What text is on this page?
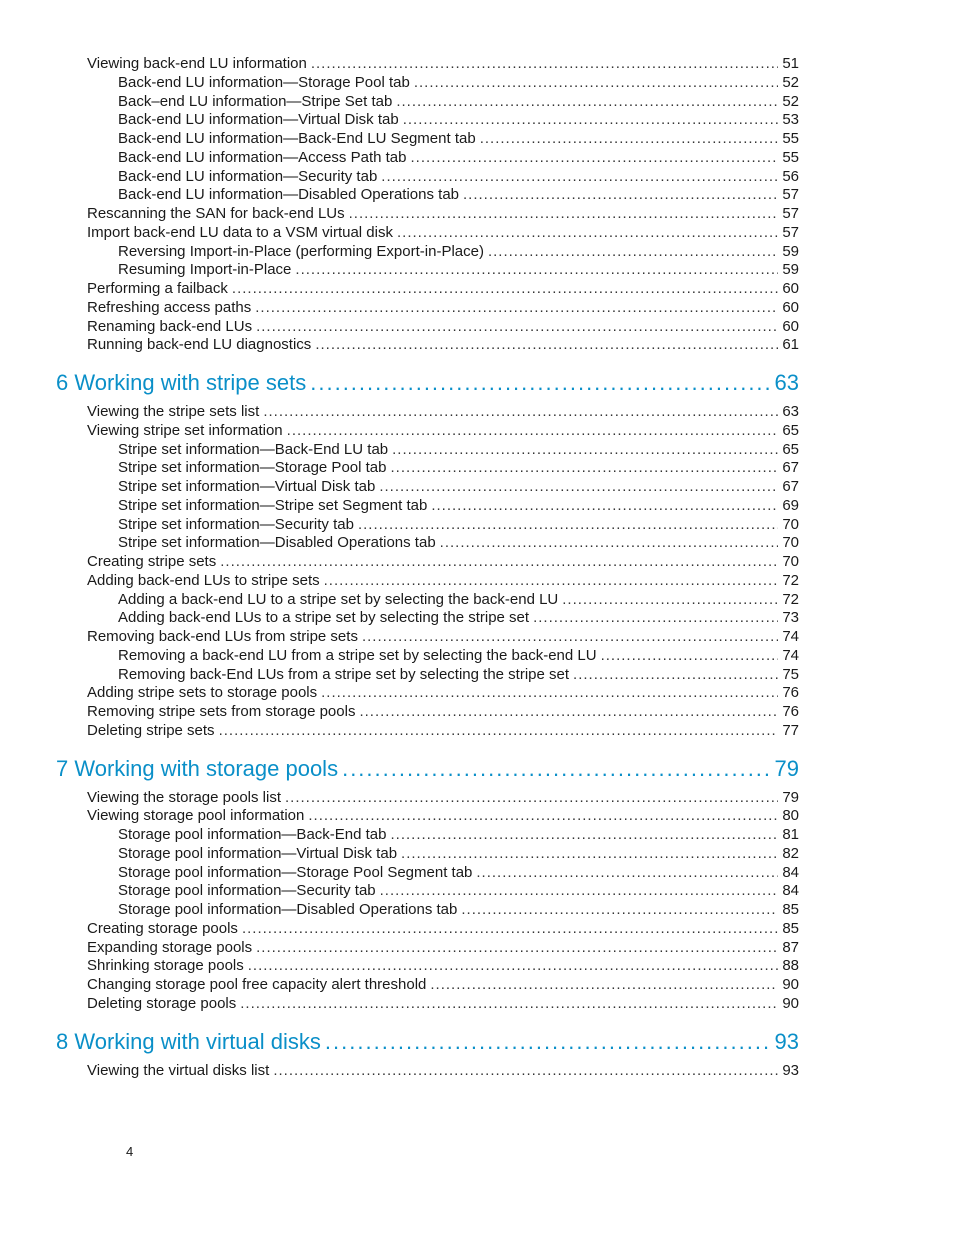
Viewing back-end LU information .....	51
Back-end LU information—Storage Pool tab .....	52
Back–end LU information—Stripe Set tab .....	52
Back-end LU information—Virtual Disk tab .....	53
Back-end LU information—Back-End LU Segment tab .....	55
Back-end LU information—Access Path tab .....	55
Back-end LU information—Security tab .....	56
Back-end LU information—Disabled Operations tab .....	57
Rescanning the SAN for back-end LUs .....	57
Import back-end LU data to a VSM virtual disk .....	57
Reversing Import-in-Place (performing Export-in-Place) .....	59
Resuming Import-in-Place .....	59
Performing a failback .....	60
Refreshing access paths .....	60
Renaming back-end LUs .....	60
Running back-end LU diagnostics .....	61
6 Working with stripe sets .....	63
Viewing the stripe sets list .....	63
Viewing stripe set information .....	65
Stripe set information—Back-End LU tab .....	65
Stripe set information—Storage Pool tab .....	67
Stripe set information—Virtual Disk tab .....	67
Stripe set information—Stripe set Segment tab .....	69
Stripe set information—Security tab .....	70
Stripe set information—Disabled Operations tab .....	70
Creating stripe sets .....	70
Adding back-end LUs to stripe sets .....	72
Adding a back-end LU to a stripe set by selecting the back-end LU .....	72
Adding back-end LUs to a stripe set by selecting the stripe set .....	73
Removing back-end LUs from stripe sets .....	74
Removing a back-end LU from a stripe set by selecting the back-end LU .....	74
Removing back-End LUs from a stripe set by selecting the stripe set .....	75
Adding stripe sets to storage pools .....	76
Removing stripe sets from storage pools .....	76
Deleting stripe sets .....	77
7 Working with storage pools .....	79
Viewing the storage pools list .....	79
Viewing storage pool information .....	80
Storage pool information—Back-End tab .....	81
Storage pool information—Virtual Disk tab .....	82
Storage pool information—Storage Pool Segment tab .....	84
Storage pool information—Security tab .....	84
Storage pool information—Disabled Operations tab .....	85
Creating storage pools .....	85
Expanding storage pools .....	87
Shrinking storage pools .....	88
Changing storage pool free capacity alert threshold .....	90
Deleting storage pools .....	90
8 Working with virtual disks .....	93
Viewing the virtual disks list .....	93
4
